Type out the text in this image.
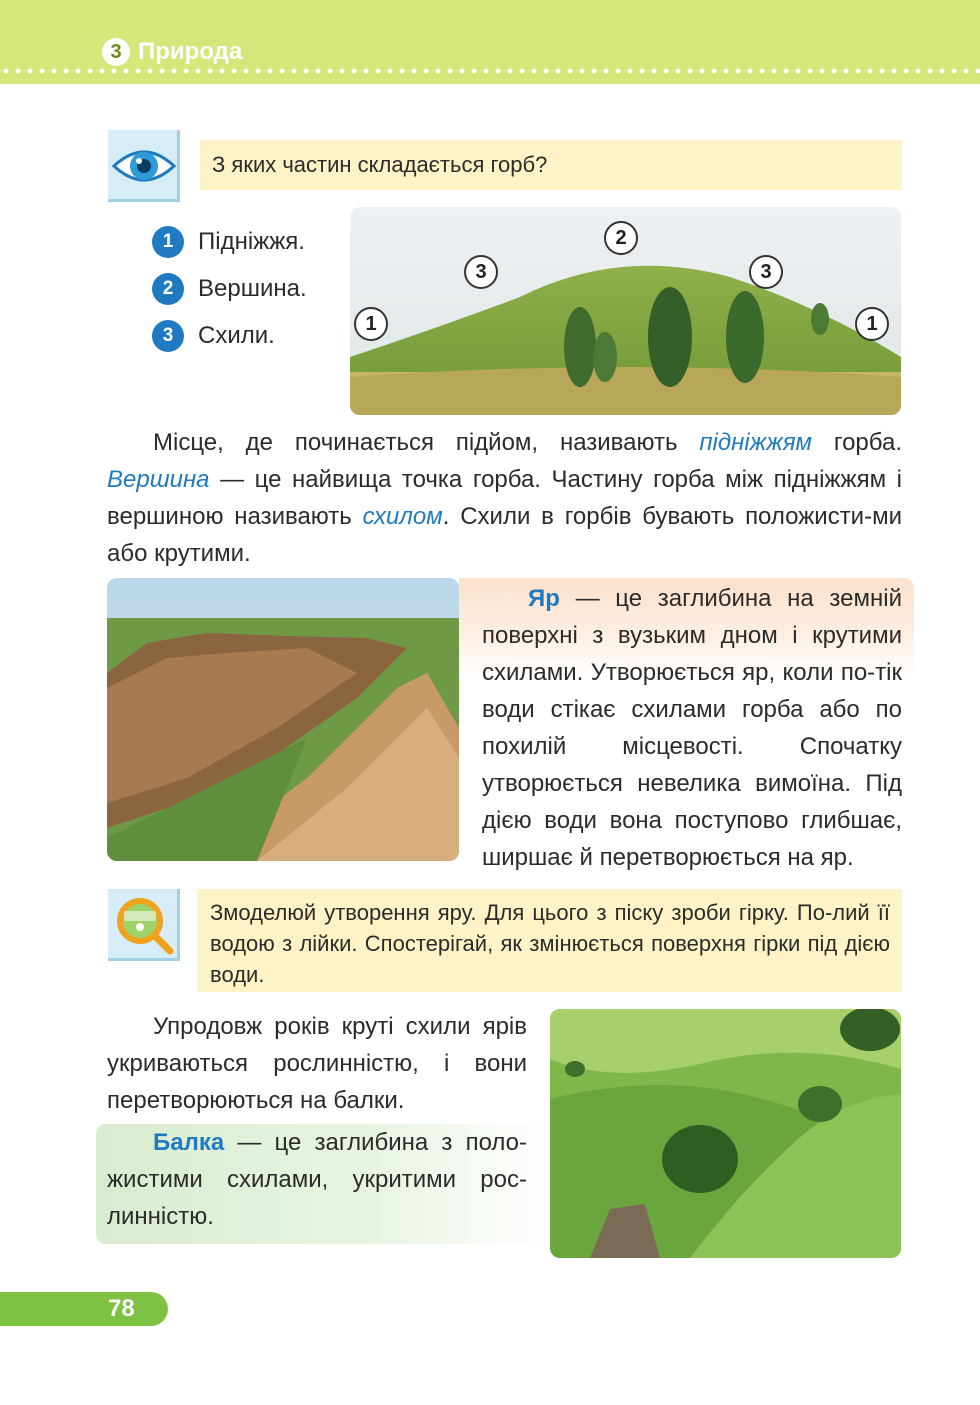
3 Природа
З яких частин складається горб?
1	Підніжжя.
2	Вершина.
3	Схили.	1	1
2
3	3

Місце, де починається підйом, називають підніжжям горба. Вершина — це найвища точка горба. Частину горба між підніжжям і вершиною називають схилом. Схили в горбів бувають положисти-ми або крутими.

Яр — це заглибина на земній поверхні з вузьким дном і крутими схилами. Утворюється яр, коли по-тік води стікає схилами горба або по похилій місцевості. Спочатку утворюється невелика вимоїна. Під дією води вона поступово глибшає, ширшає й перетворюється на яр.

Змоделюй утворення яру. Для цього з піску зроби гірку. По-лий її водою з лійки. Спостерігай, як змінюється поверхня гірки під дією води.

Упродовж років круті схили ярів укриваються рослинністю, і вони перетворюються на балки.

Балка — це заглибина з поло-жистими схилами, укритими рос-линністю.

78
